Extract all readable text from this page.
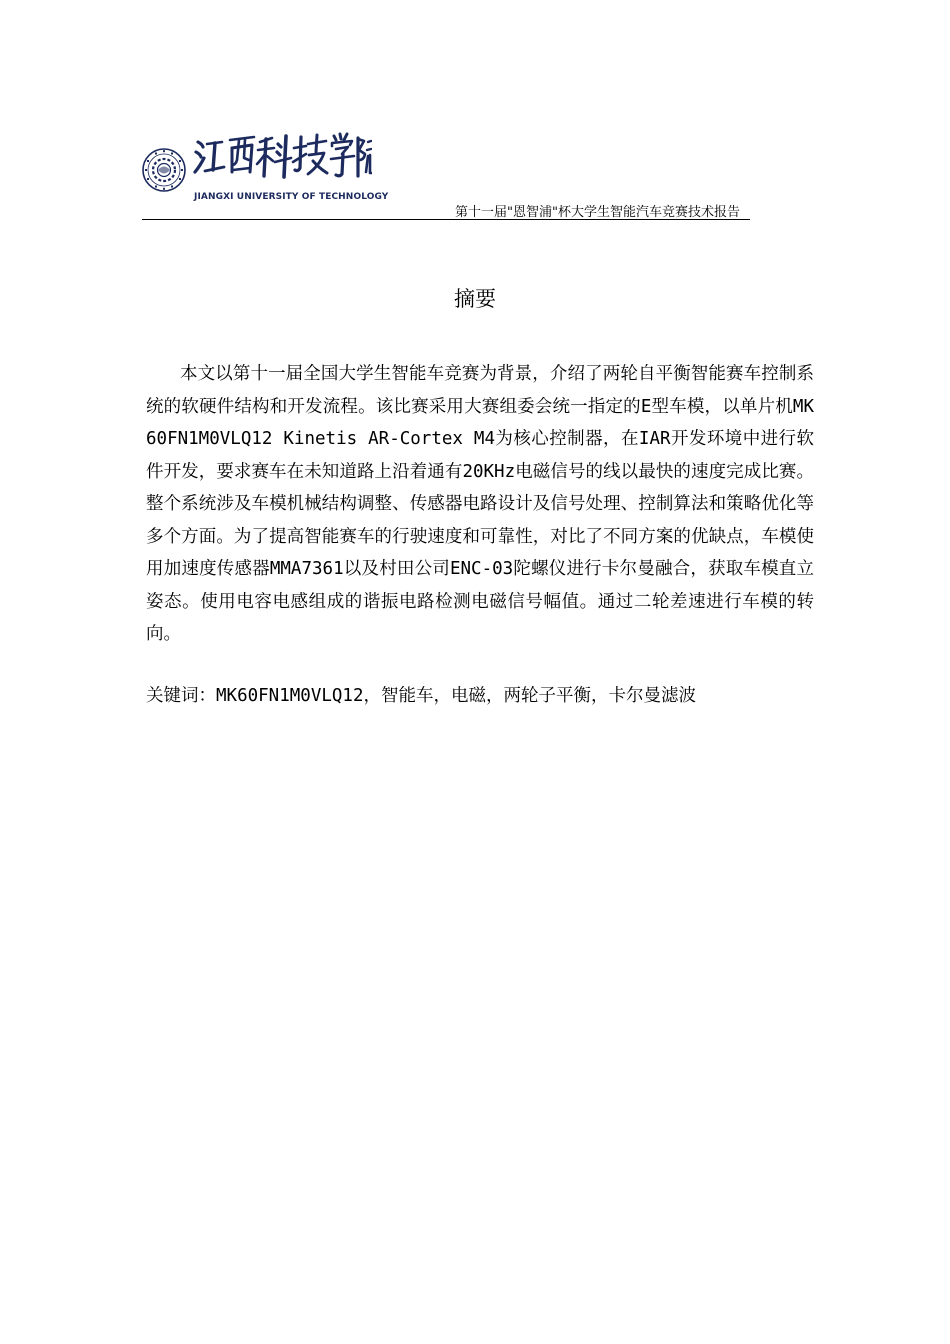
JIANGXI UNIVERSITY OF TECHNOLOGY
第十一届"恩智浦"杯大学生智能汽车竞赛技术报告
摘要

本文以第十一届全国大学生智能车竞赛为背景，介绍了两轮自平衡智能赛车控制系统的软硬件结构和开发流程。该比赛采用大赛组委会统一指定的E型车模，以单片机MK60FN1M0VLQ12 Kinetis AR-Cortex M4为核心控制器，在IAR开发环境中进行软件开发，要求赛车在未知道路上沿着通有20KHz电磁信号的线以最快的速度完成比赛。整个系统涉及车模机械结构调整、传感器电路设计及信号处理、控制算法和策略优化等多个方面。为了提高智能赛车的行驶速度和可靠性，对比了不同方案的优缺点，车模使用加速度传感器MMA7361以及村田公司ENC-03陀螺仪进行卡尔曼融合，获取车模直立姿态。使用电容电感组成的谐振电路检测电磁信号幅值。通过二轮差速进行车模的转向。

关键词：MK60FN1M0VLQ12，智能车，电磁，两轮子平衡，卡尔曼滤波
